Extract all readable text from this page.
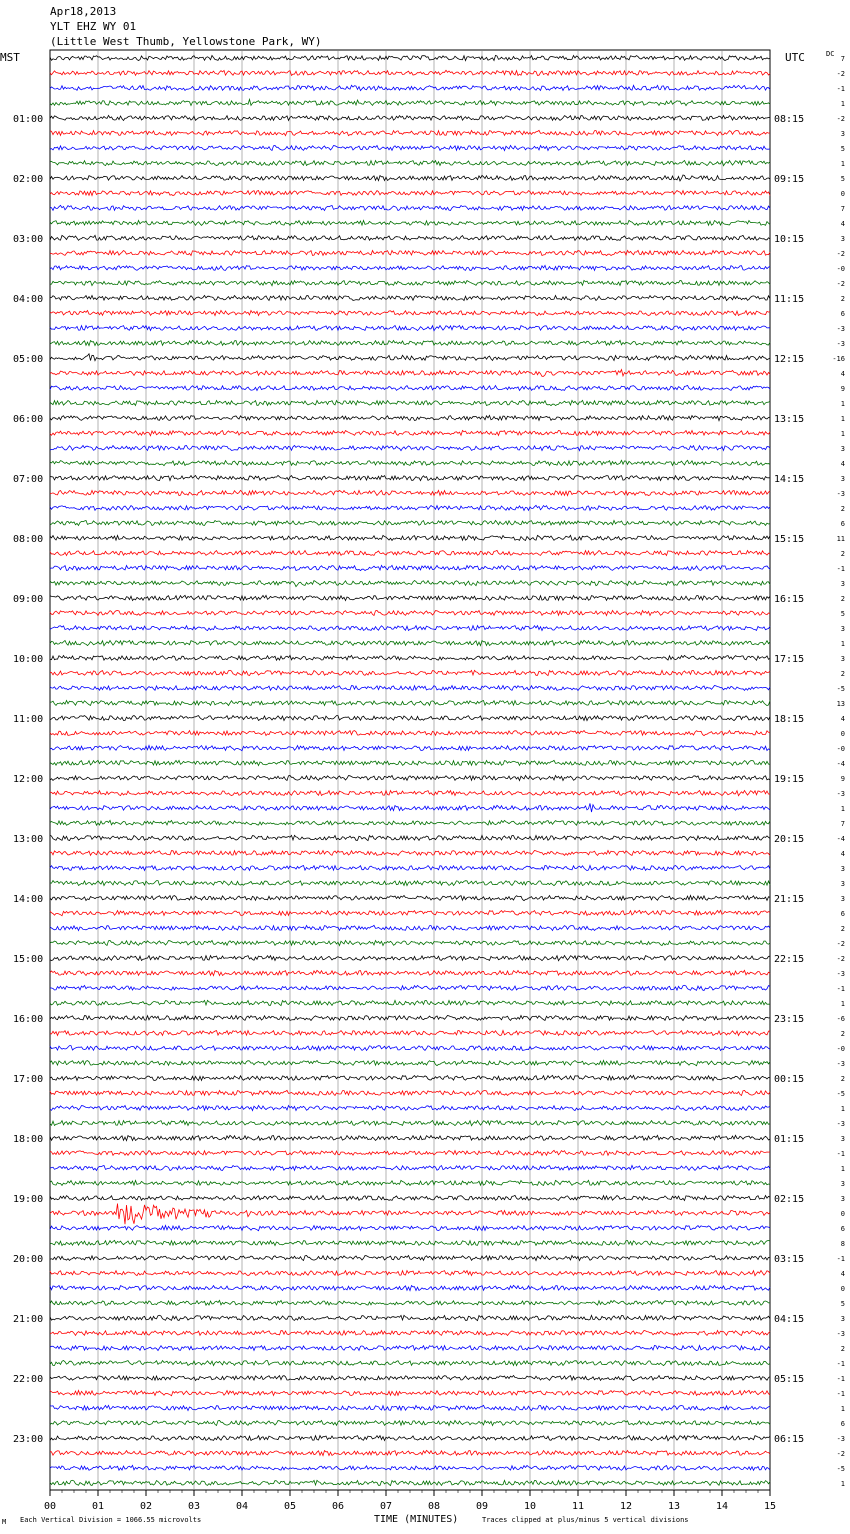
Apr18,2013
YLT EHZ WY 01
(Little West Thumb, Yellowstone Park, WY)
MST	UTC	DC
01:00
02:00
03:00
04:00
05:00
06:00
07:00
08:00
09:00
10:00
11:00
12:00
13:00
14:00
15:00
16:00
17:00
18:00
19:00
20:00
21:00
22:00
23:00
08:15
09:15
10:15
11:15
12:15
13:15
14:15
15:15
16:15
17:15
18:15
19:15
20:15
21:15
22:15
23:15
00:15
01:15
02:15
03:15
04:15
05:15
06:15
7
-2
-1
1
-2
3
5
1
5
0
7
4
3
-2
-0
-2
2
6
-3
-3
-16
4
9
1
1
1
3
4
3
-3
2
6
11
2
-1
3
2
5
3
1
3
2
-5
13
4
0
-0
-4
9
-3
1
7
-4
4
3
3
3
6
2
-2
-2
-3
-1
1
-6
2
-0
-3
2
-5
1
-3
3
-1
1
3
3
0
6
8
-1
4
0
5
3
-3
2
-1
-1
-1
1
6
-3
-2
-5
1
00	01	02	03	04	05	06	07	08	09	10	11	12	13	14	15
M Each Vertical Division = 1066.55 microvolts	TIME (MINUTES)	Traces clipped at plus/minus 5 vertical divisions
